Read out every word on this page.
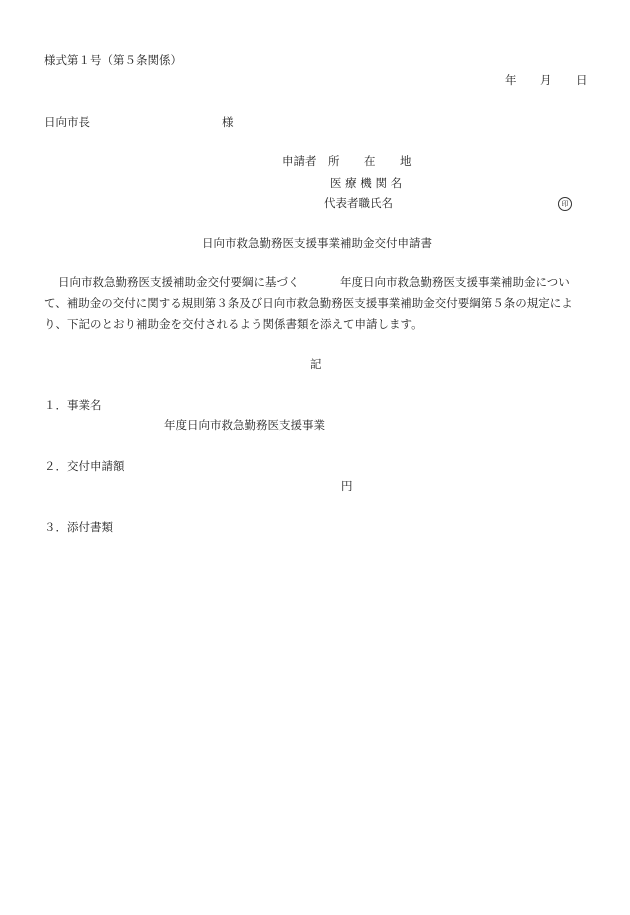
様式第１号（第５条関係）
年 月 日
日向市長	様
申請者 所 在 地
医 療 機 関 名
代表者職氏名	印
日向市救急勤務医支援事業補助金交付申請書
日向市救急勤務医支援補助金交付要綱に基づく	年度日向市救急勤務医支援事業補助金につい
て、補助金の交付に関する規則第３条及び日向市救急勤務医支援事業補助金交付要綱第５条の規定によ
り、下記のとおり補助金を交付されるよう関係書類を添えて申請します。
記
１．事業名
年度日向市救急勤務医支援事業
２．交付申請額
円
３．添付書類
